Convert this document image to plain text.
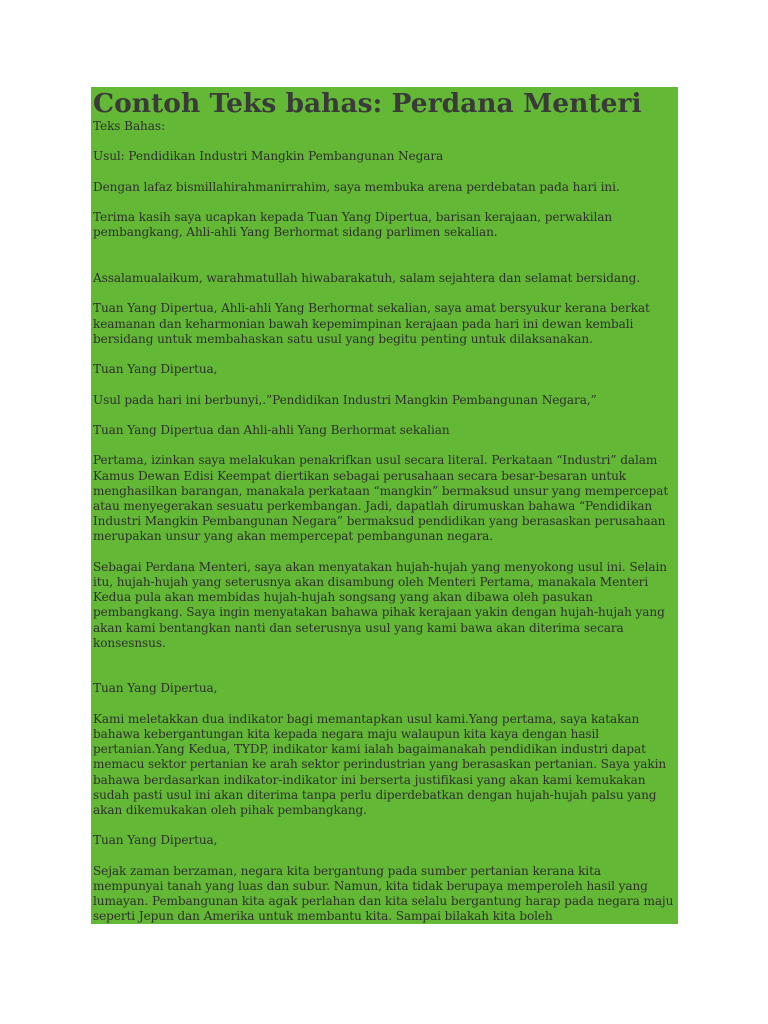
Contoh Teks bahas: Perdana Menteri

Teks Bahas:

Usul: Pendidikan Industri Mangkin Pembangunan Negara

Dengan lafaz bismillahirahmanirrahim, saya membuka arena perdebatan pada hari ini.

Terima kasih saya ucapkan kepada Tuan Yang Dipertua, barisan kerajaan, perwakilan pembangkang, Ahli-ahli Yang Berhormat sidang parlimen sekalian.

Assalamualaikum, warahmatullah hiwabarakatuh, salam sejahtera dan selamat bersidang.

Tuan Yang Dipertua, Ahli-ahli Yang Berhormat sekalian, saya amat bersyukur kerana berkat keamanan dan keharmonian bawah kepemimpinan kerajaan pada hari ini dewan kembali bersidang untuk membahaskan satu usul yang begitu penting untuk dilaksanakan.

Tuan Yang Dipertua,

Usul pada hari ini berbunyi,.”Pendidikan Industri Mangkin Pembangunan Negara,”

Tuan Yang Dipertua dan Ahli-ahli Yang Berhormat sekalian

Pertama, izinkan saya melakukan penakrifkan usul secara literal. Perkataan “Industri” dalam Kamus Dewan Edisi Keempat diertikan sebagai perusahaan secara besar-besaran untuk menghasilkan barangan, manakala perkataan “mangkin” bermaksud unsur yang mempercepat atau menyegerakan sesuatu perkembangan. Jadi, dapatlah dirumuskan bahawa “Pendidikan Industri Mangkin Pembangunan Negara” bermaksud pendidikan yang berasaskan perusahaan merupakan unsur yang akan mempercepat pembangunan negara.

Sebagai Perdana Menteri, saya akan menyatakan hujah-hujah yang menyokong usul ini. Selain itu, hujah-hujah yang seterusnya akan disambung oleh Menteri Pertama, manakala Menteri Kedua pula akan membidas hujah-hujah songsang yang akan dibawa oleh pasukan pembangkang. Saya ingin menyatakan bahawa pihak kerajaan yakin dengan hujah-hujah yang akan kami bentangkan nanti dan seterusnya usul yang kami bawa akan diterima secara konsesnsus.

Tuan Yang Dipertua,

Kami meletakkan dua indikator bagi memantapkan usul kami.Yang pertama, saya katakan bahawa kebergantungan kita kepada negara maju walaupun kita kaya dengan hasil pertanian.Yang Kedua, TYDP, indikator kami ialah bagaimanakah pendidikan industri dapat memacu sektor pertanian ke arah sektor perindustrian yang berasaskan pertanian. Saya yakin bahawa berdasarkan indikator-indikator ini berserta justifikasi yang akan kami kemukakan sudah pasti usul ini akan diterima tanpa perlu diperdebatkan dengan hujah-hujah palsu yang akan dikemukakan oleh pihak pembangkang.

Tuan Yang Dipertua,

Sejak zaman berzaman, negara kita bergantung pada sumber pertanian kerana kita mempunyai tanah yang luas dan subur. Namun, kita tidak berupaya memperoleh hasil yang lumayan. Pembangunan kita agak perlahan dan kita selalu bergantung harap pada negara maju seperti Jepun dan Amerika untuk membantu kita. Sampai bilakah kita boleh
